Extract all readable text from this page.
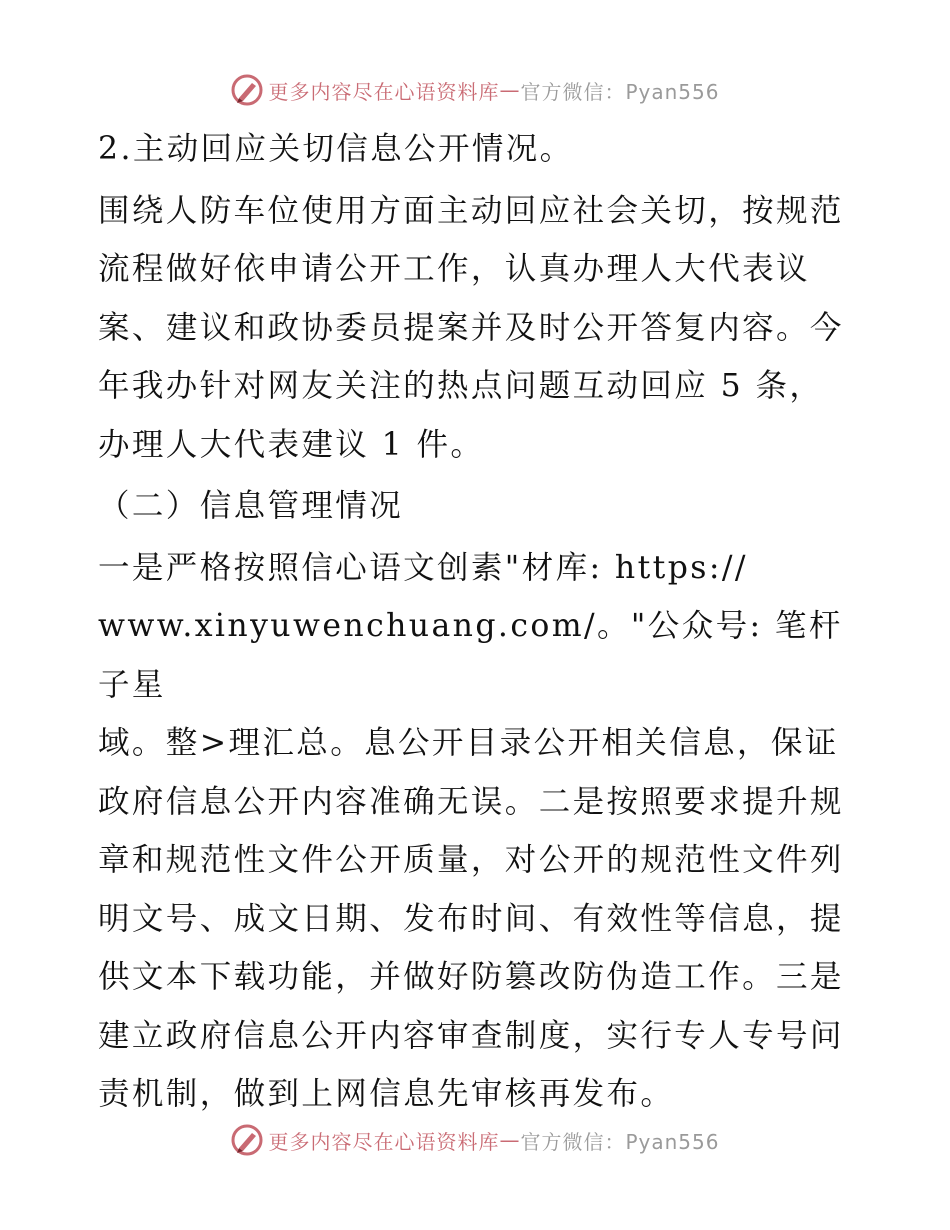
更多内容尽在心语资料库 — 官方微信：Pyan556

2.主动回应关切信息公开情况。

围绕人防车位使用方面主动回应社会关切，按规范流程做好依申请公开工作，认真办理人大代表议案、建议和政协委员提案并及时公开答复内容。今年我办针对网友关注的热点问题互动回应 5 条，办理人大代表建议 1 件。

（二）信息管理情况

一是严格按照信心语文创素"材库: https://

www.xinyuwenchuang.com/。"公众号: 笔杆子星

域。整>理汇总。息公开目录公开相关信息，保证政府信息公开内容准确无误。二是按照要求提升规章和规范性文件公开质量，对公开的规范性文件列明文号、成文日期、发布时间、有效性等信息，提供文本下载功能，并做好防篡改防伪造工作。三是建立政府信息公开内容审查制度，实行专人专号问责机制，做到上网信息先审核再发布。

更多内容尽在心语资料库 — 官方微信：Pyan556
